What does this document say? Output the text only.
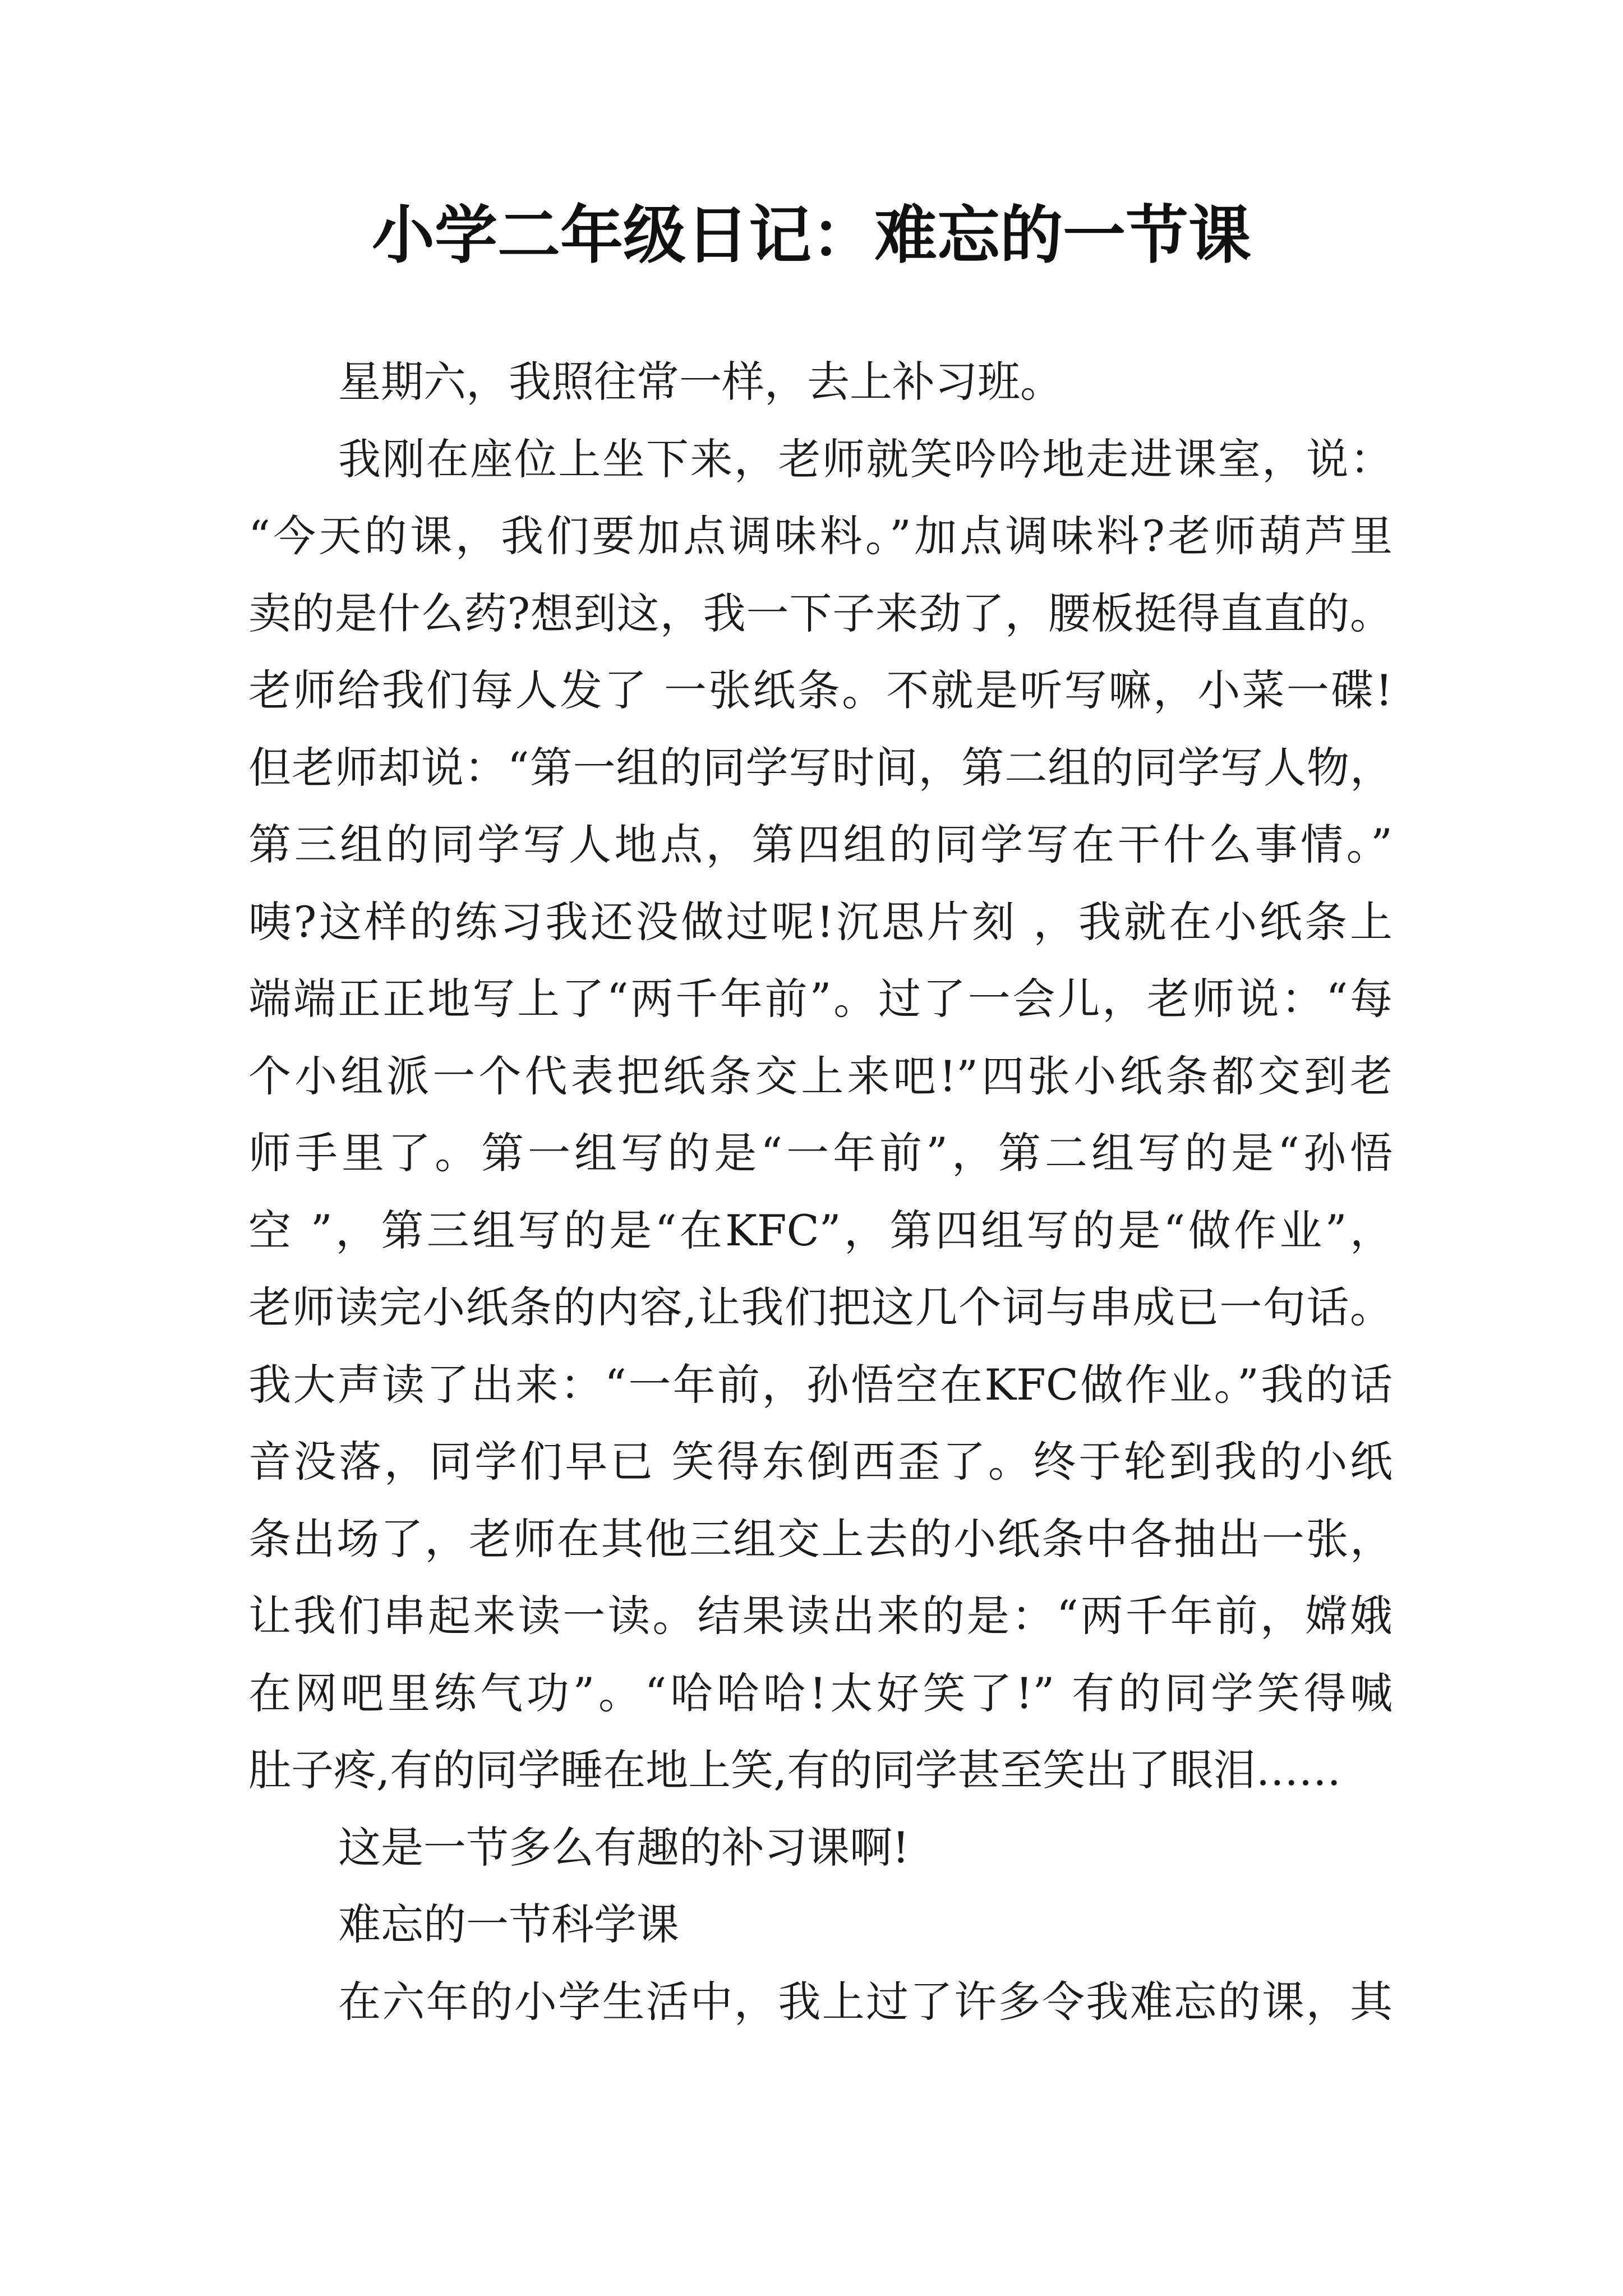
小学二年级日记：难忘的一节课
星期六，我照往常一样，去上补习班。
我刚在座位上坐下来，老师就笑吟吟地走进课室，说：
“今天的课，我们要加点调味料。”加点调味料?老师葫芦里
卖的是什么药?想到这，我一下子来劲了，腰板挺得直直的。
老师给我们每人发了 一张纸条。不就是听写嘛，小菜一碟!
但老师却说：“第一组的同学写时间，第二组的同学写人物，
第三组的同学写人地点，第四组的同学写在干什么事情。”
咦?这样的练习我还没做过呢!沉思片刻 ，我就在小纸条上
端端正正地写上了“两千年前”。过了一会儿，老师说：“每
个小组派一个代表把纸条交上来吧!”四张小纸条都交到老
师手里了。第一组写的是“一年前”，第二组写的是“孙悟
空 ”，第三组写的是“在KFC”，第四组写的是“做作业”，
老师读完小纸条的内容,让我们把这几个词与串成已一句话。
我大声读了出来：“一年前，孙悟空在KFC做作业。”我的话
音没落，同学们早已 笑得东倒西歪了。终于轮到我的小纸
条出场了，老师在其他三组交上去的小纸条中各抽出一张，
让我们串起来读一读。结果读出来的是：“两千年前，嫦娥
在网吧里练气功”。“哈哈哈!太好笑了!” 有的同学笑得喊
肚子疼,有的同学睡在地上笑,有的同学甚至笑出了眼泪……
这是一节多么有趣的补习课啊!
难忘的一节科学课
在六年的小学生活中，我上过了许多令我难忘的课，其
